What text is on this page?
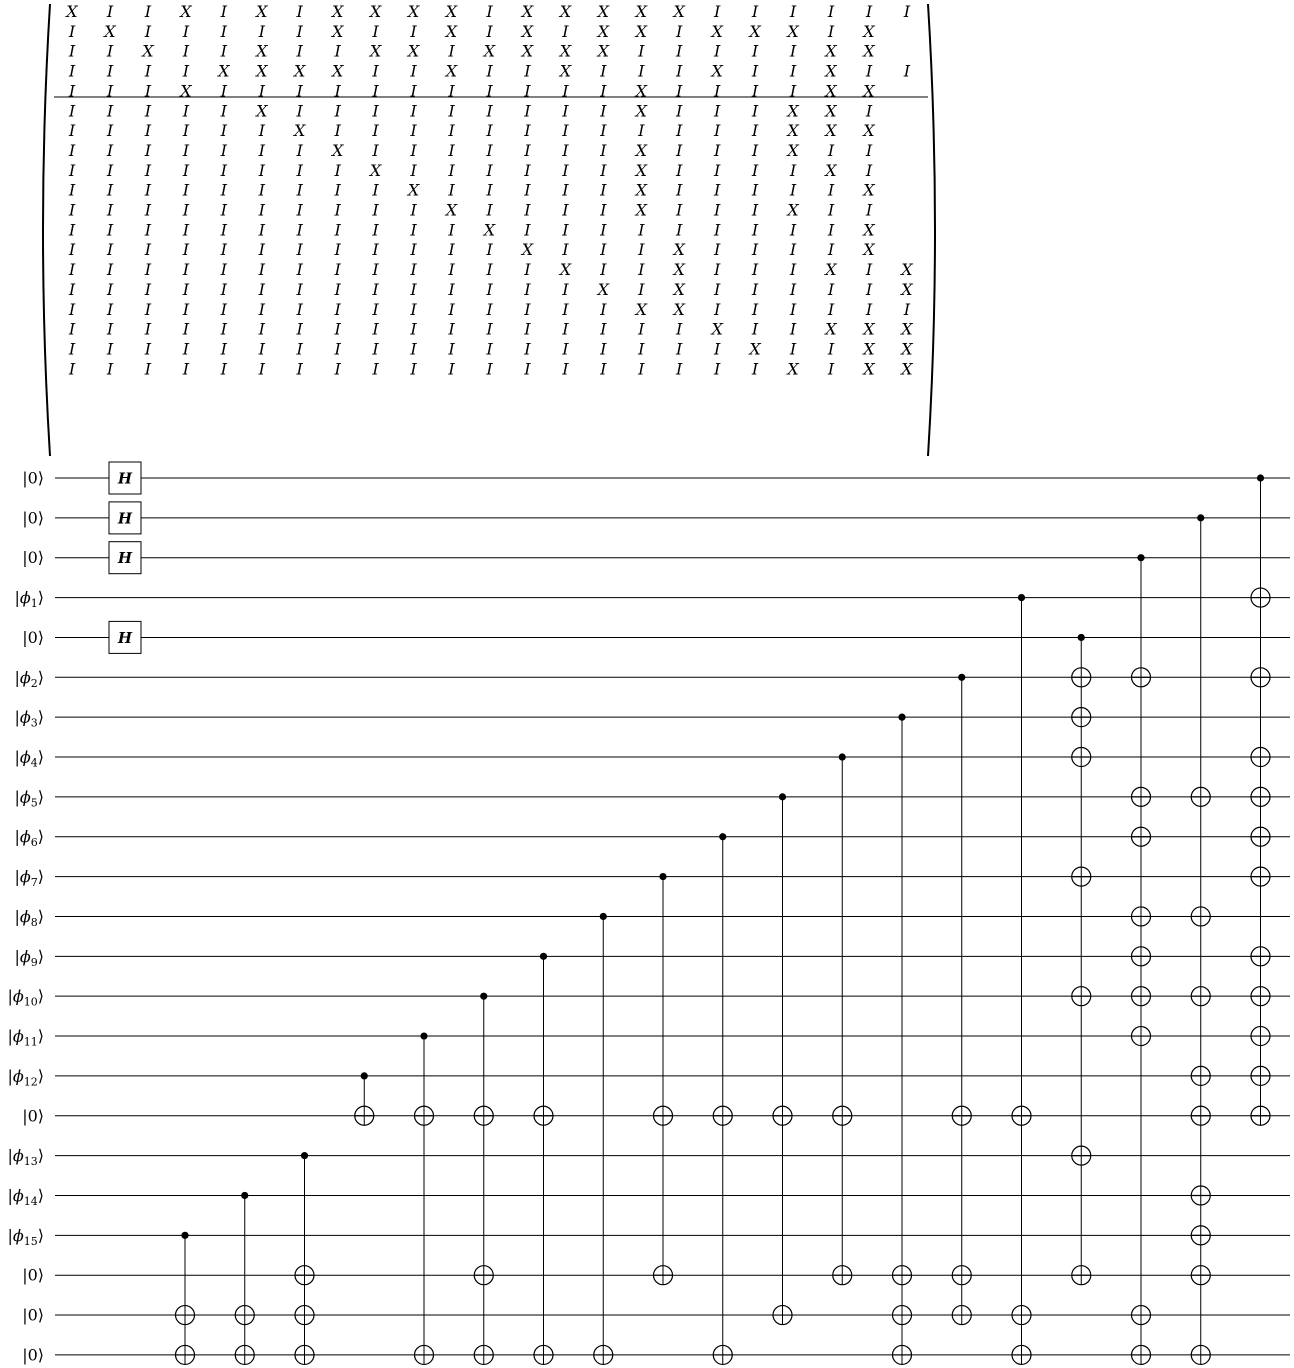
X I I X I X I X X X X I X X X X X I I I I I I
I X I I I I I X I I X I X I X X I X X X I X
I I X I I X I I X X I X X X X I I I I I X X
I I I I X X X X I I X I I X I I I X I I X I I
I I I X I I I I I I I I I I I X I I I I X X
I I I I I X I I I I I I I I I X I I I X X I
I I I I I I X I I I I I I I I I I I I X X X
I I I I I I I X I I I I I I I X I I I X I I
I I I I I I I I X I I I I I I X I I I I X I
I I I I I I I I I X I I I I I X I I I I I X
I I I I I I I I I I X I I I I X I I I X I I
I I I I I I I I I I I X I I I I I I I I I X
I I I I I I I I I I I I X I I I X I I I I X
I I I I I I I I I I I I I X I I X I I I X I X
I I I I I I I I I I I I I I X I X I I I I I X
I I I I I I I I I I I I I I I X X I I I I I I
I I I I I I I I I I I I I I I I I X I I X X X
I I I I I I I I I I I I I I I I I I X I I X X
I I I I I I I I I I I I I I I I I I I X I X X
|0⟩
|0⟩
|0⟩
$|\phi_1⟩$
|0⟩
$|\phi_2⟩$
$|\phi_3⟩$
$|\phi_4⟩$
$|\phi_5⟩$
$|\phi_6⟩$
$|\phi_7⟩$
$|\phi_8⟩$
$|\phi_9⟩$
$|\phi_{10}⟩$
$|\phi_{11}⟩$
$|\phi_{12}⟩$
|0⟩
$|\phi_{13}⟩$
$|\phi_{14}⟩$
$|\phi_{15}⟩$
|0⟩
|0⟩
|0⟩
H
H
H
H
